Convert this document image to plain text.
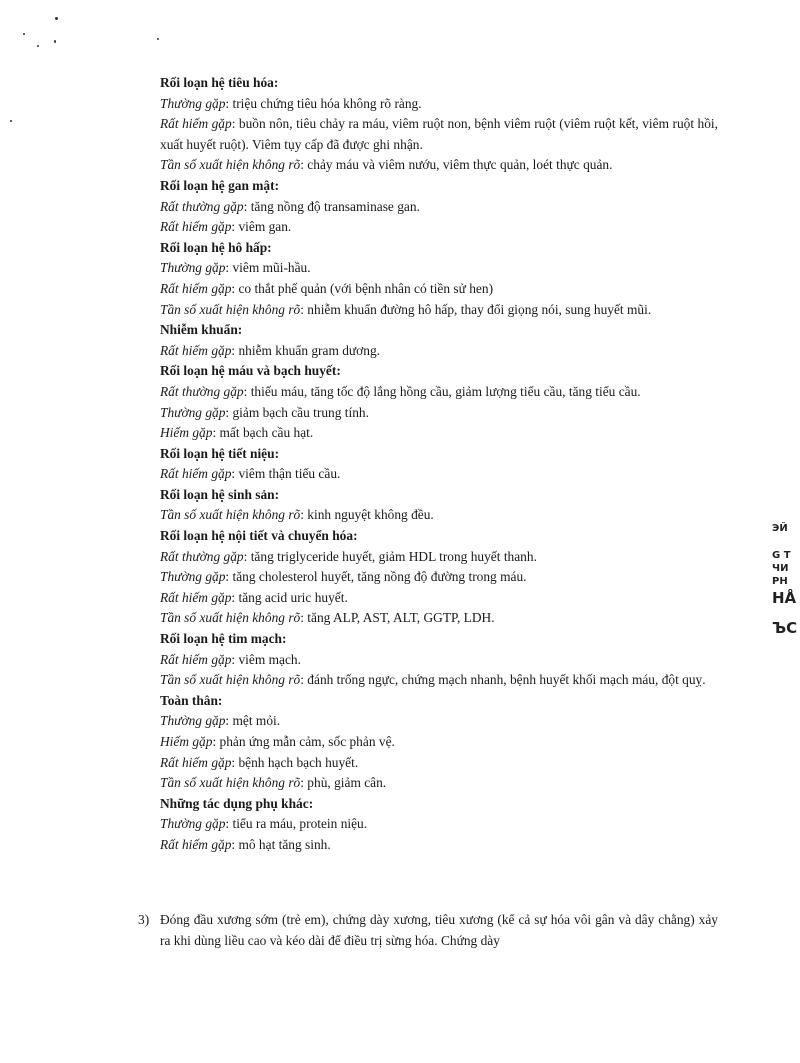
Rối loạn hệ tiêu hóa:

Thường gặp: triệu chứng tiêu hóa không rõ ràng.

Rất hiếm gặp: buồn nôn, tiêu chảy ra máu, viêm ruột non, bệnh viêm ruột (viêm ruột kết, viêm ruột hồi, xuất huyết ruột). Viêm tụy cấp đã được ghi nhận.

Tần số xuất hiện không rõ: chảy máu và viêm nướu, viêm thực quản, loét thực quản.

Rối loạn hệ gan mật:

Rất thường gặp: tăng nồng độ transaminase gan.

Rất hiếm gặp: viêm gan.

Rối loạn hệ hô hấp:

Thường gặp: viêm mũi-hầu.

Rất hiếm gặp: co thắt phế quản (với bệnh nhân có tiền sử hen)

Tần số xuất hiện không rõ: nhiễm khuẩn đường hô hấp, thay đổi giọng nói, sung huyết mũi.

Nhiễm khuẩn:

Rất hiếm gặp: nhiễm khuẩn gram dương.

Rối loạn hệ máu và bạch huyết:

Rất thường gặp: thiếu máu, tăng tốc độ lắng hồng cầu, giảm lượng tiểu cầu, tăng tiểu cầu.

Thường gặp: giảm bạch cầu trung tính.

Hiếm gặp: mất bạch cầu hạt.

Rối loạn hệ tiết niệu:

Rất hiếm gặp: viêm thận tiểu cầu.

Rối loạn hệ sinh sản:

Tần số xuất hiện không rõ: kinh nguyệt không đều.

Rối loạn hệ nội tiết và chuyển hóa:

Rất thường gặp: tăng triglyceride huyết, giảm HDL trong huyết thanh.

Thường gặp: tăng cholesterol huyết, tăng nồng độ đường trong máu.

Rất hiếm gặp: tăng acid uric huyết.

Tần số xuất hiện không rõ: tăng ALP, AST, ALT, GGTP, LDH.

Rối loạn hệ tim mạch:

Rất hiếm gặp: viêm mạch.

Tần số xuất hiện không rõ: đánh trống ngực, chứng mạch nhanh, bệnh huyết khối mạch máu, đột quỵ.

Toàn thân:

Thường gặp: mệt mỏi.

Hiếm gặp: phản ứng mẫn cảm, sốc phản vệ.

Rất hiếm gặp: bệnh hạch bạch huyết.

Tần số xuất hiện không rõ: phù, giảm cân.

Những tác dụng phụ khác:

Thường gặp: tiểu ra máu, protein niệu.

Rất hiếm gặp: mô hạt tăng sinh.

3) Đóng đầu xương sớm (trẻ em), chứng dày xương, tiêu xương (kể cả sự hóa vôi gân và dây chằng) xảy ra khi dùng liều cao và kéo dài để điều trị sừng hóa. Chứng dày
ЭЙ
G T
ЧИ
PH
HÅ
ЪС
